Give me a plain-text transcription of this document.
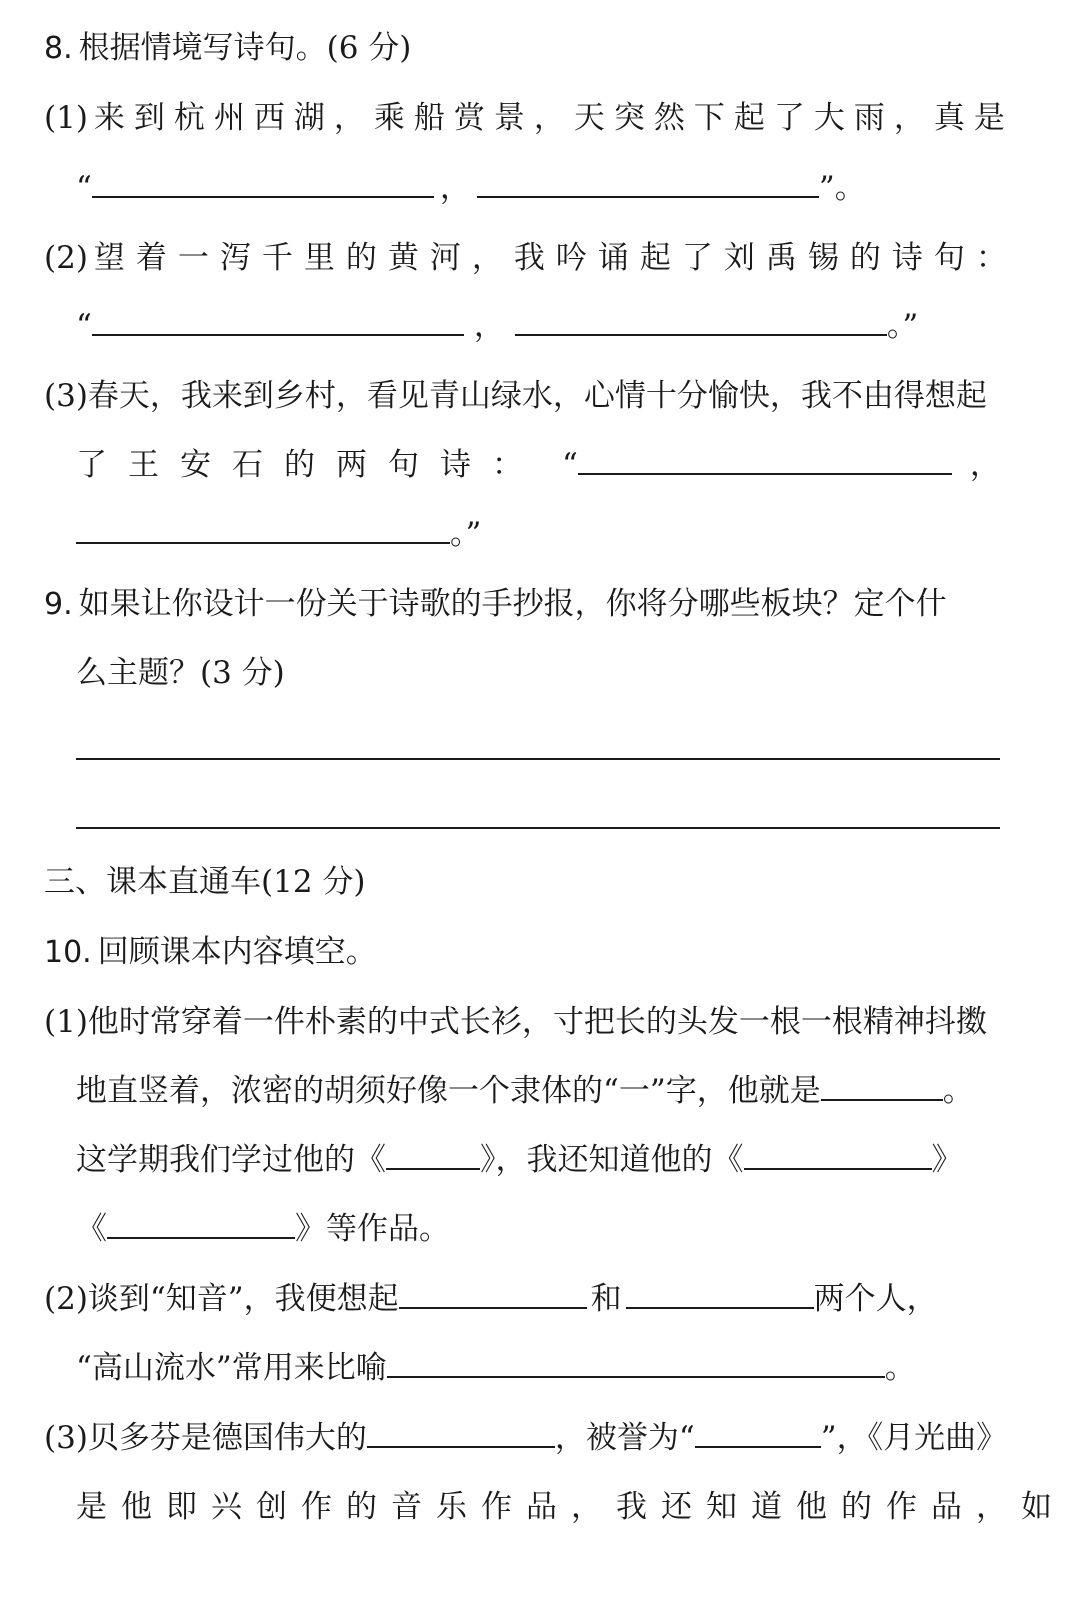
8. 根据情境写诗句。(6 分)
(1) 来到杭州西湖，乘船赏景，天突然下起了大雨，真是
“	，	”。
(2) 望着一泻千里的黄河，我吟诵起了刘禹锡的诗句：
“	，	。”
(3) 春天，我来到乡村，看见青山绿水，心情十分愉快，我不由得想起
了王安石的两句诗： “	，
。”
9. 如果让你设计一份关于诗歌的手抄报，你将分哪些板块？定个什
么主题？(3 分)
三、课本直通车(12 分)
10. 回顾课本内容填空。
(1) 他时常穿着一件朴素的中式长衫，寸把长的头发一根一根精神抖擞
地直竖着，浓密的胡须好像一个隶体的“一”字，他就是	。
这学期我们学过他的《	》，我还知道他的《	》
《	》等作品。
(2) 谈到“知音”，我便想起	和	两个人，
“高山流水”常用来比喻	。
(3) 贝多芬是德国伟大的	，被誉为“	”，《月光曲》
是他即兴创作的音乐作品，我还知道他的作品，如
